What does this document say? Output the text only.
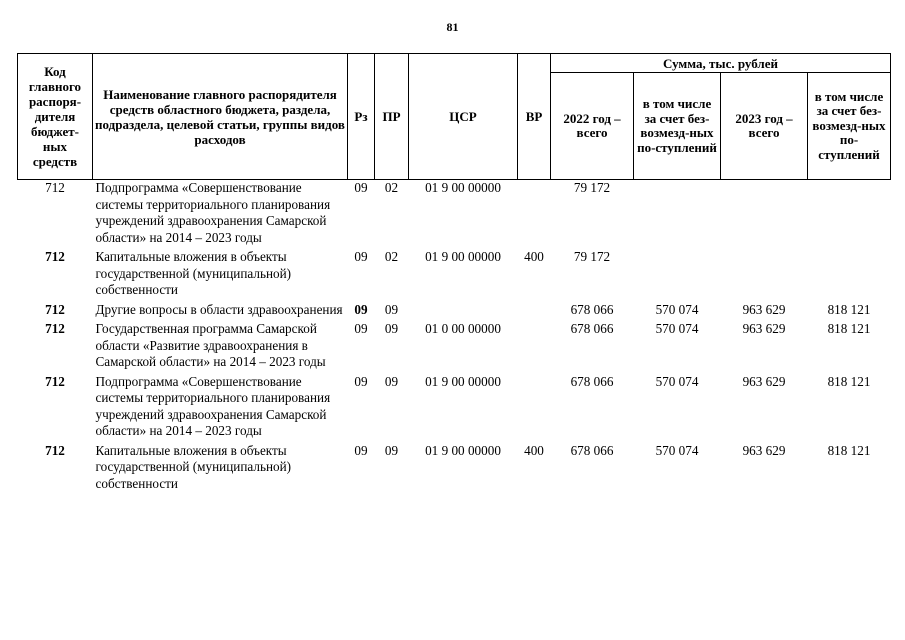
81
Код главного распоря-дителя бюджет-ных средств	Наименование главного распорядителя средств областного бюджета, раздела, подраздела, целевой статьи, группы видов расходов	Рз	ПР	ЦСР	ВР	Сумма, тыс. рублей			
						2022 год – всего	в том числе за счет без-возмезд-ных по-ступлений	2023 год – всего	в том числе за счет без-возмезд-ных по-ступлений
712	Подпрограмма «Совершенствование системы территориального планирования учреждений здравоохранения Самарской области» на 2014 – 2023 годы	09	02	01 9 00 00000		79 172			
712	Капитальные вложения в объекты государственной (муниципальной) собственности	09	02	01 9 00 00000	400	79 172			
712	Другие вопросы в области здравоохранения	09	09			678 066	570 074	963 629	818 121
712	Государственная программа Самарской области «Развитие здравоохранения в Самарской области» на 2014 – 2023 годы	09	09	01 0 00 00000		678 066	570 074	963 629	818 121
712	Подпрограмма «Совершенствование системы территориального планирования учреждений здравоохранения Самарской области» на 2014 – 2023 годы	09	09	01 9 00 00000		678 066	570 074	963 629	818 121
712	Капитальные вложения в объекты государственной (муниципальной) собственности	09	09	01 9 00 00000	400	678 066	570 074	963 629	818 121
